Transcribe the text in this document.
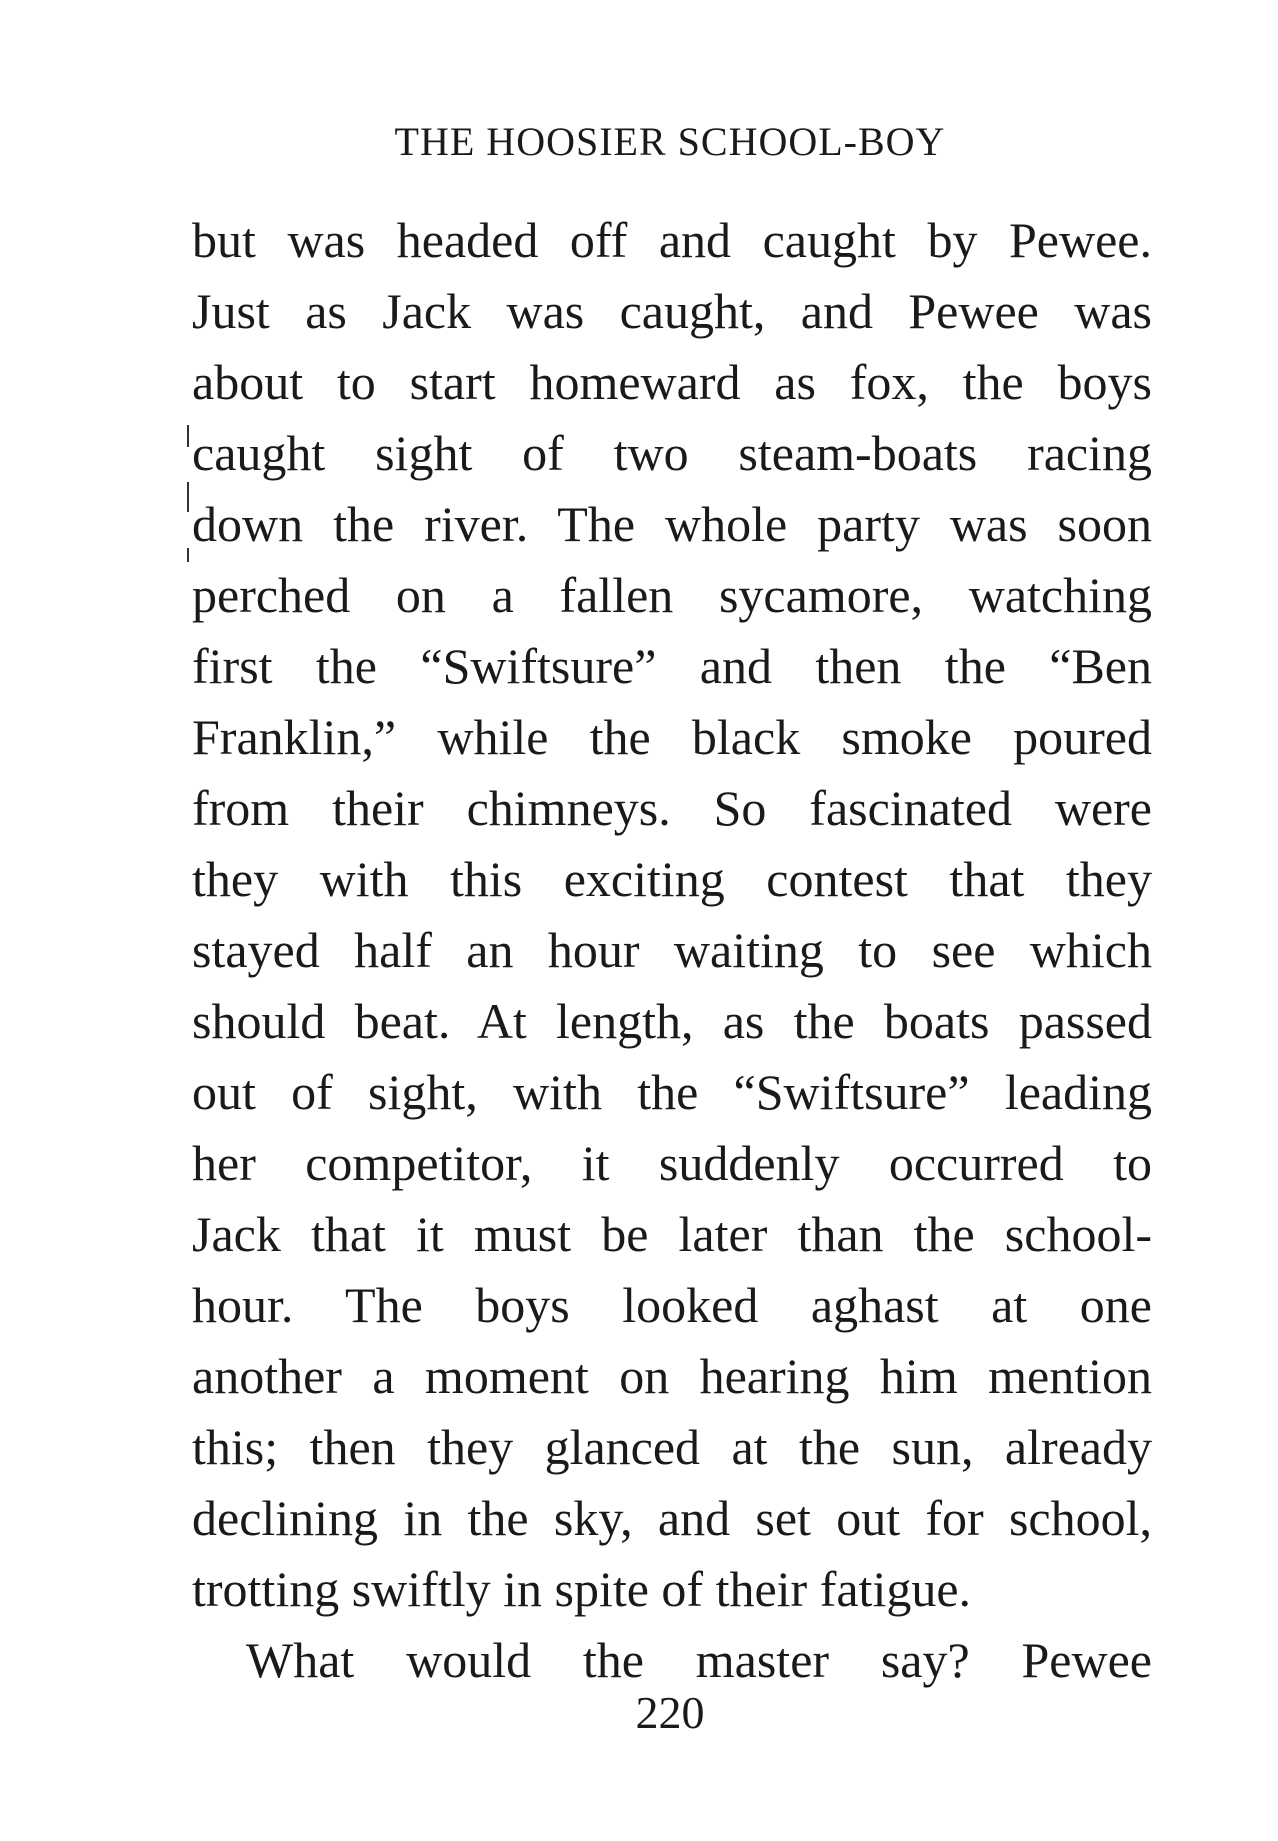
THE HOOSIER SCHOOL-BOY
but was headed off and caught by Pewee.
Just as Jack was caught, and Pewee was
about to start homeward as fox, the boys
caught sight of two steam-boats racing
down the river. The whole party was soon
perched on a fallen sycamore, watching
first the “Swiftsure” and then the “Ben
Franklin,” while the black smoke poured
from their chimneys. So fascinated were
they with this exciting contest that they
stayed half an hour waiting to see which
should beat. At length, as the boats passed
out of sight, with the “Swiftsure” leading
her competitor, it suddenly occurred to
Jack that it must be later than the school-
hour. The boys looked aghast at one
another a moment on hearing him mention
this; then they glanced at the sun, already
declining in the sky, and set out for school,
trotting swiftly in spite of their fatigue.
What would the master say? Pewee
220
